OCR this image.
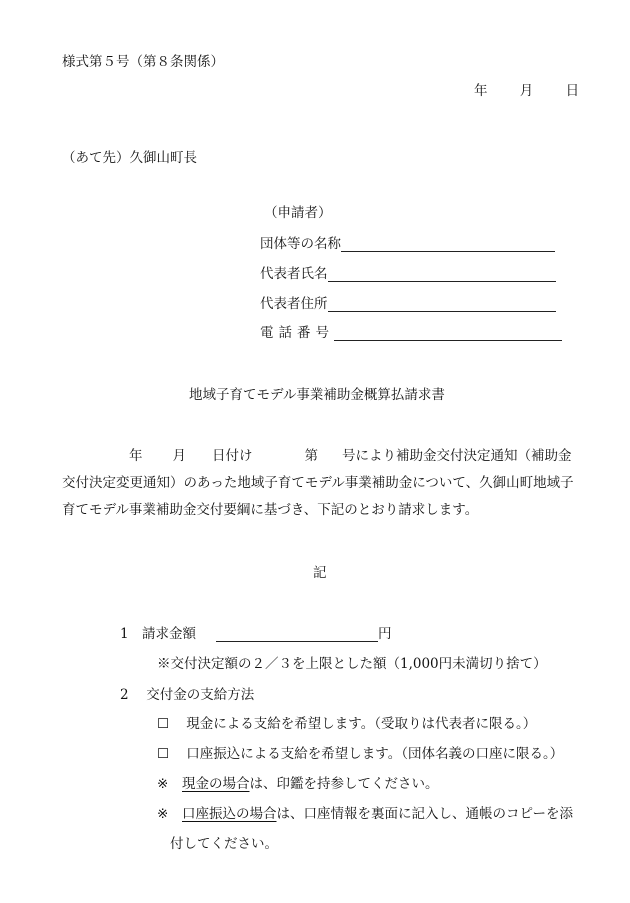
様式第５号（第８条関係）
年 月 日
（あて先）久御山町長
（申請者）
団体等の名称
代表者氏名
代表者住所
電話番号
地域子育てモデル事業補助金概算払請求書
年 月 日付け	第 号により補助金交付決定通知（補助金交付決定変更通知）のあった地域子育てモデル事業補助金について、久御山町地域子育てモデル事業補助金交付要綱に基づき、下記のとおり請求します。
記
1 請求金額	円
※交付決定額の２／３を上限とした額（1,000円未満切り捨て）
2 交付金の支給方法
☐ 現金による支給を希望します。（受取りは代表者に限る。）
☐ 口座振込による支給を希望します。（団体名義の口座に限る。）
※ 現金の場合は、印鑑を持参してください。
※ 口座振込の場合は、口座情報を裏面に記入し、通帳のコピーを添
付してください。
